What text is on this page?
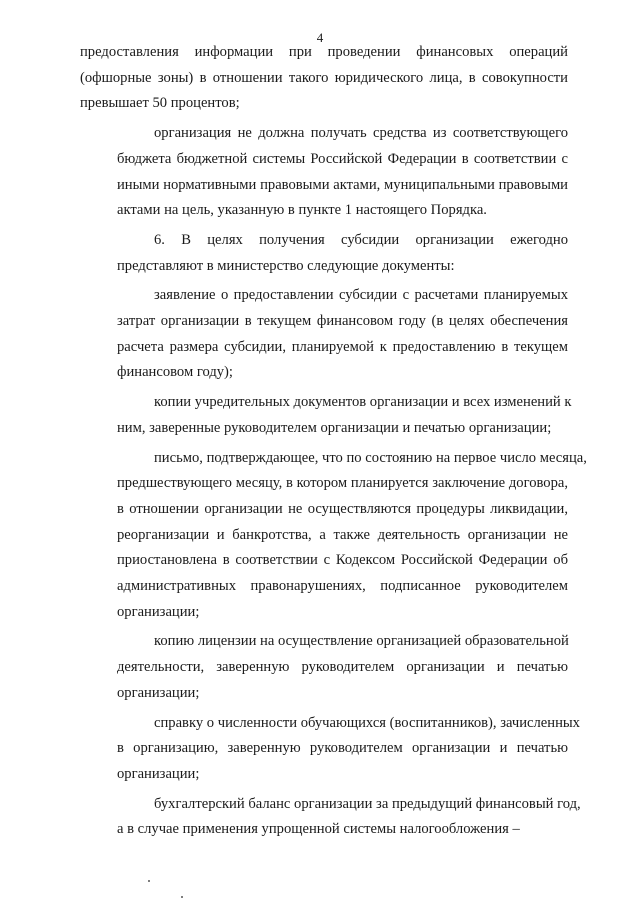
4
предоставления информации при проведении финансовых операций
(офшорные зоны) в отношении такого юридического лица, в совокупности
превышает 50 процентов;
организация не должна получать средства из соответствующего
бюджета бюджетной системы Российской Федерации в соответствии с
иными нормативными правовыми актами, муниципальными правовыми
актами на цель, указанную в пункте 1 настоящего Порядка.
6. В целях получения субсидии организации ежегодно
представляют в министерство следующие документы:
заявление о предоставлении субсидии с расчетами планируемых
затрат организации в текущем финансовом году (в целях обеспечения
расчета размера субсидии, планируемой к предоставлению в текущем
финансовом году);
копии учредительных документов организации и всех изменений к
ним, заверенные руководителем организации и печатью организации;
письмо, подтверждающее, что по состоянию на первое число месяца,
предшествующего месяцу, в котором планируется заключение договора,
в отношении организации не осуществляются процедуры ликвидации,
реорганизации и банкротства, а также деятельность организации не
приостановлена в соответствии с Кодексом Российской Федерации об
административных правонарушениях, подписанное руководителем
организации;
копию лицензии на осуществление организацией образовательной
деятельности, заверенную руководителем организации и печатью
организации;
справку о численности обучающихся (воспитанников), зачисленных
в организацию, заверенную руководителем организации и печатью
организации;
бухгалтерский баланс организации за предыдущий финансовый год,
а в случае применения упрощенной системы налогообложения –
